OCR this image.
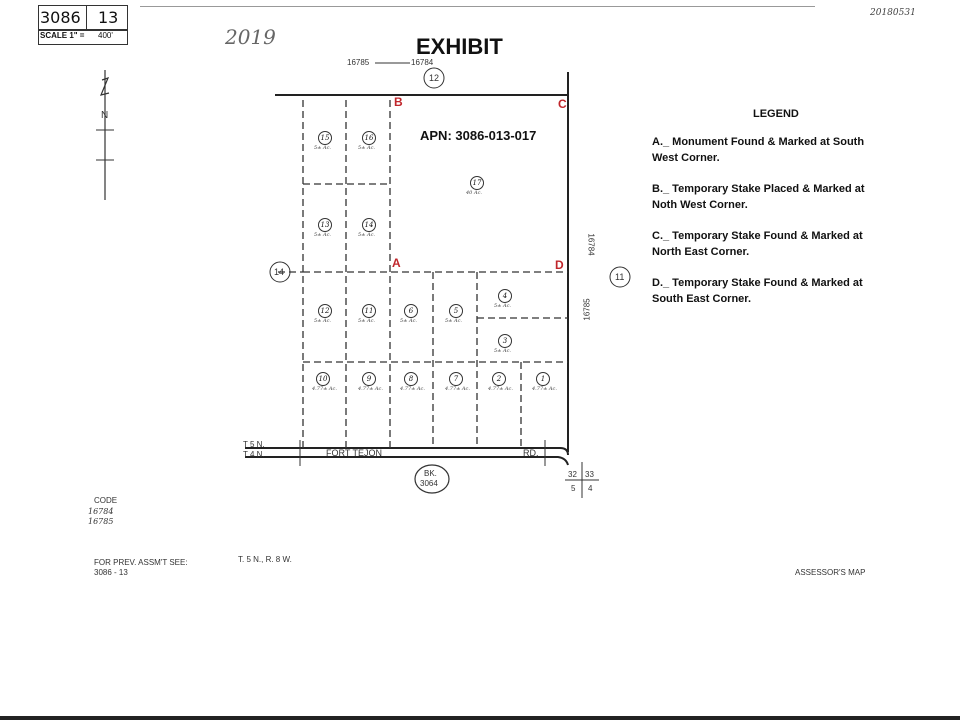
3086 13
SCALE 1" = 400'	2019
20180531
EXHIBIT
16785	16784
12
14	11
16785
16784
N
APN: 3086-013-017
B	C
A	D
15
5± Ac.
16
5± Ac.
13
5± Ac.
14
5± Ac.
17
40 Ac.
12
5± Ac.
11
5± Ac.
6
5± Ac.
5
5± Ac.
4
5± Ac.
3
5± Ac.
10
4.77± Ac.
9
4.77± Ac.
8
4.77± Ac.
7
4.77± Ac.
2
4.77± Ac.
1
4.77± Ac.
FORT TEJON	RD.
T 5 N.
T 4 N.
BK.
3064
32 33
5 4
LEGEND
A._ Monument Found & Marked at South West Corner.
B._ Temporary Stake Placed & Marked at Noth West Corner.
C._ Temporary Stake Found & Marked at North East Corner.
D._ Temporary Stake Found & Marked at South East Corner.
CODE
16784
16785
FOR PREV. ASSM'T SEE:
3086 - 13
T. 5 N., R. 8 W.
ASSESSOR'S MAP
